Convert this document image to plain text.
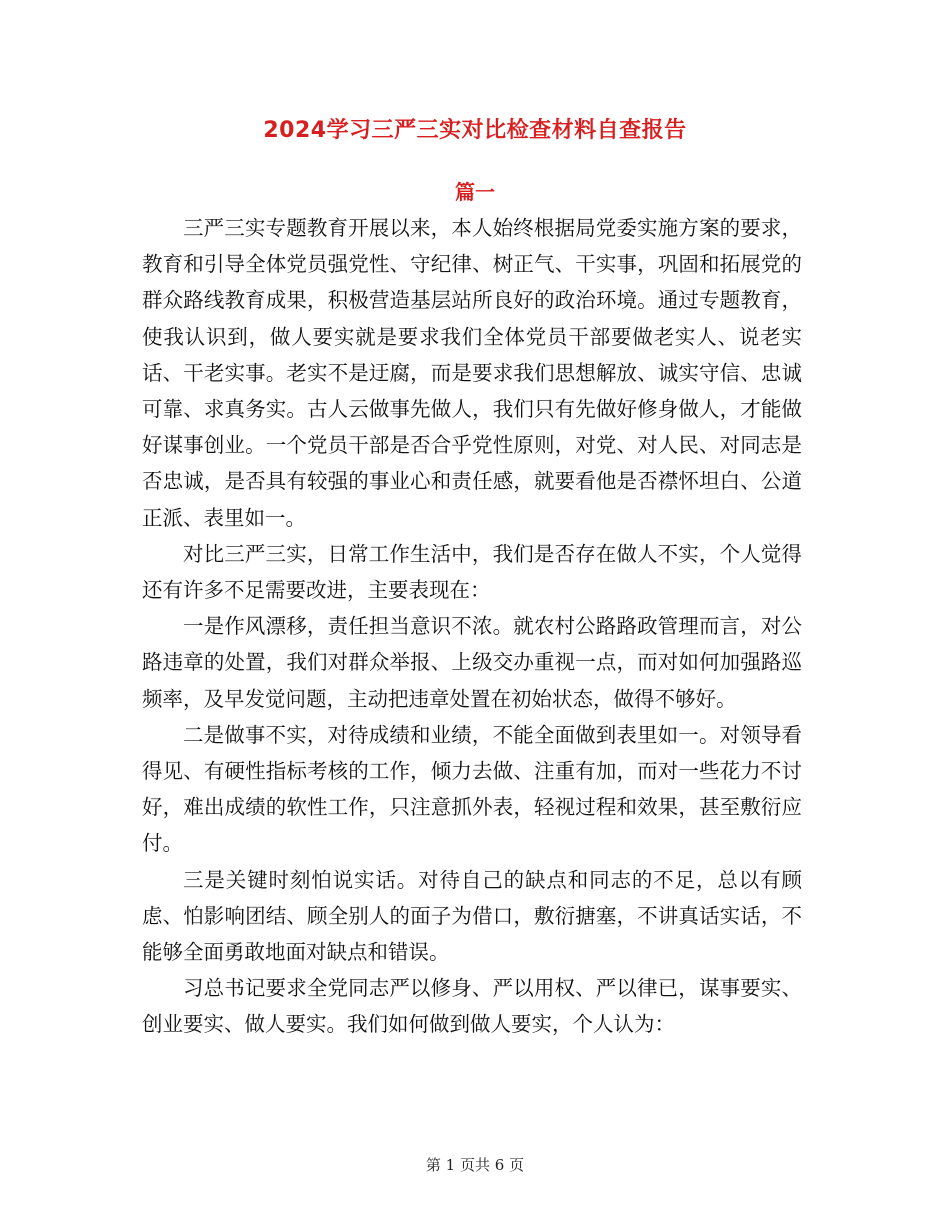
2024学习三严三实对比检查材料自查报告
篇一

三严三实专题教育开展以来，本人始终根据局党委实施方案的要求，教育和引导全体党员强党性、守纪律、树正气、干实事，巩固和拓展党的群众路线教育成果，积极营造基层站所良好的政治环境。通过专题教育，使我认识到，做人要实就是要求我们全体党员干部要做老实人、说老实话、干老实事。老实不是迂腐，而是要求我们思想解放、诚实守信、忠诚可靠、求真务实。古人云做事先做人，我们只有先做好修身做人，才能做好谋事创业。一个党员干部是否合乎党性原则，对党、对人民、对同志是否忠诚，是否具有较强的事业心和责任感，就要看他是否襟怀坦白、公道正派、表里如一。

对比三严三实，日常工作生活中，我们是否存在做人不实，个人觉得还有许多不足需要改进，主要表现在：

一是作风漂移，责任担当意识不浓。就农村公路路政管理而言，对公路违章的处置，我们对群众举报、上级交办重视一点，而对如何加强路巡频率，及早发觉问题，主动把违章处置在初始状态，做得不够好。

二是做事不实，对待成绩和业绩，不能全面做到表里如一。对领导看得见、有硬性指标考核的工作，倾力去做、注重有加，而对一些花力不讨好，难出成绩的软性工作，只注意抓外表，轻视过程和效果，甚至敷衍应付。

三是关键时刻怕说实话。对待自己的缺点和同志的不足，总以有顾虑、怕影响团结、顾全别人的面子为借口，敷衍搪塞，不讲真话实话，不能够全面勇敢地面对缺点和错误。

习总书记要求全党同志严以修身、严以用权、严以律已，谋事要实、创业要实、做人要实。我们如何做到做人要实，个人认为：

第 1 页共 6 页
